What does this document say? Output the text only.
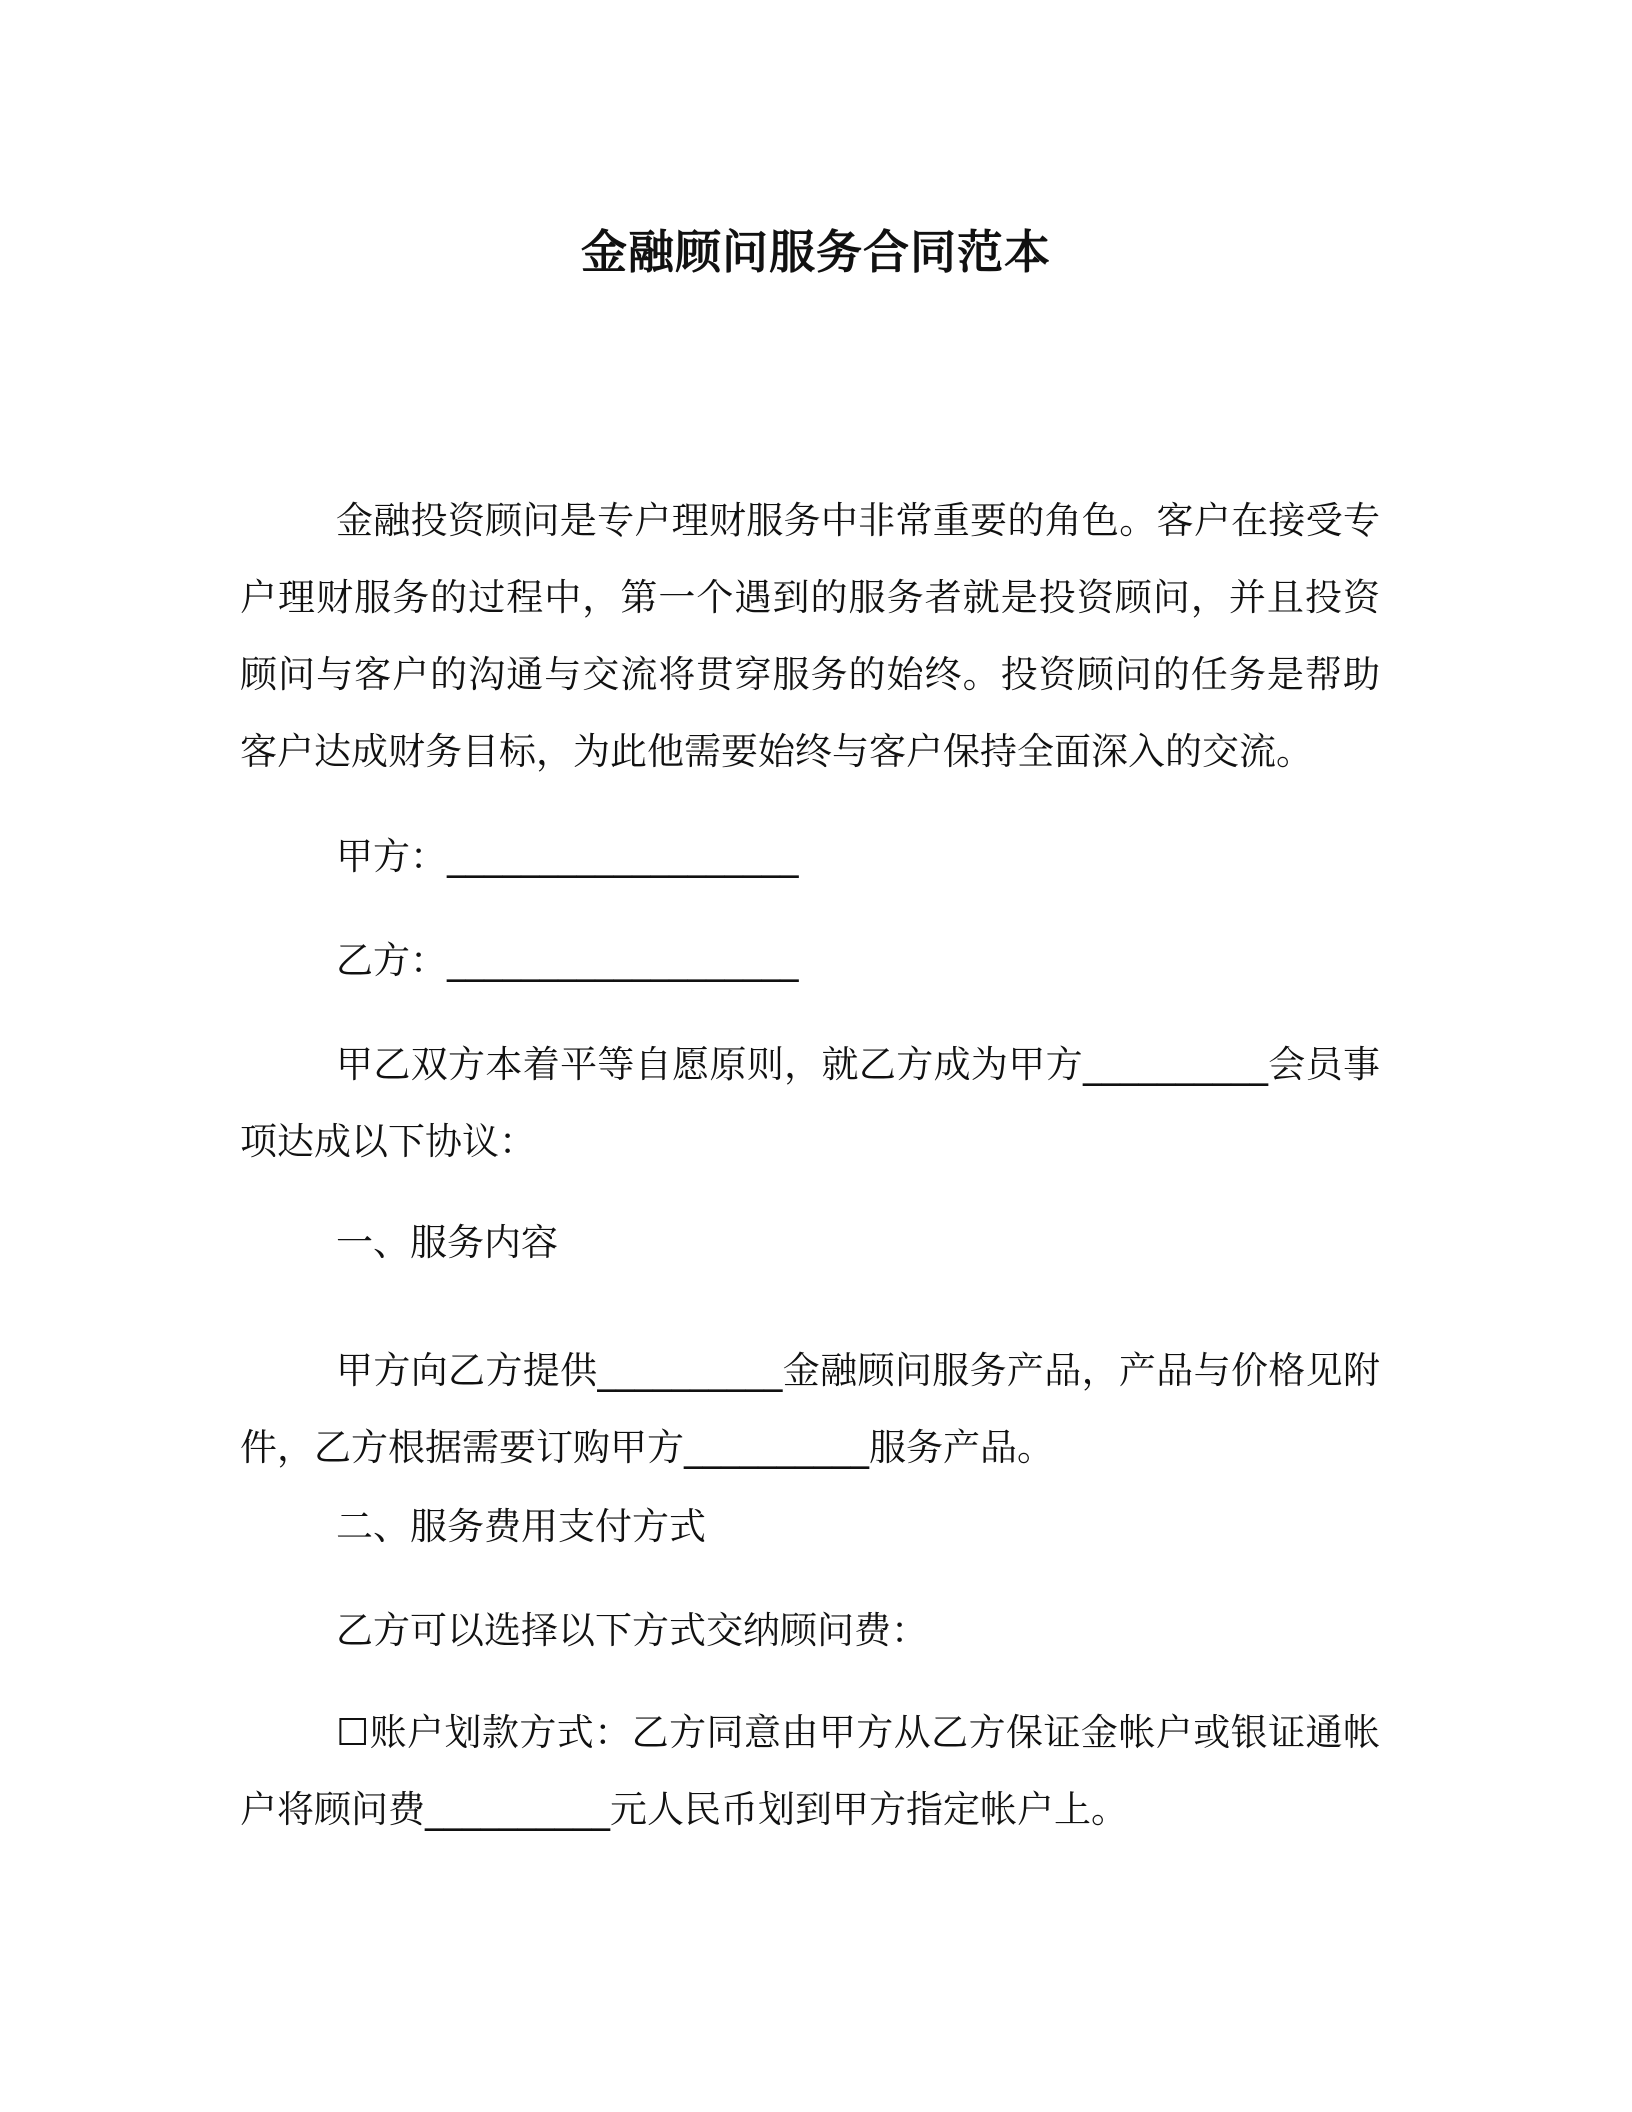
金融顾问服务合同范本

金融投资顾问是专户理财服务中非常重要的角色。客户在接受专户理财服务的过程中，第一个遇到的服务者就是投资顾问，并且投资顾问与客户的沟通与交流将贯穿服务的始终。投资顾问的任务是帮助客户达成财务目标，为此他需要始终与客户保持全面深入的交流。

甲方：___________________

乙方：___________________

甲乙双方本着平等自愿原则，就乙方成为甲方__________会员事项达成以下协议：

一、服务内容

甲方向乙方提供__________金融顾问服务产品，产品与价格见附件，乙方根据需要订购甲方__________服务产品。

二、服务费用支付方式

乙方可以选择以下方式交纳顾问费：

☐账户划款方式：乙方同意由甲方从乙方保证金帐户或银证通帐户将顾问费__________元人民币划到甲方指定帐户上。
